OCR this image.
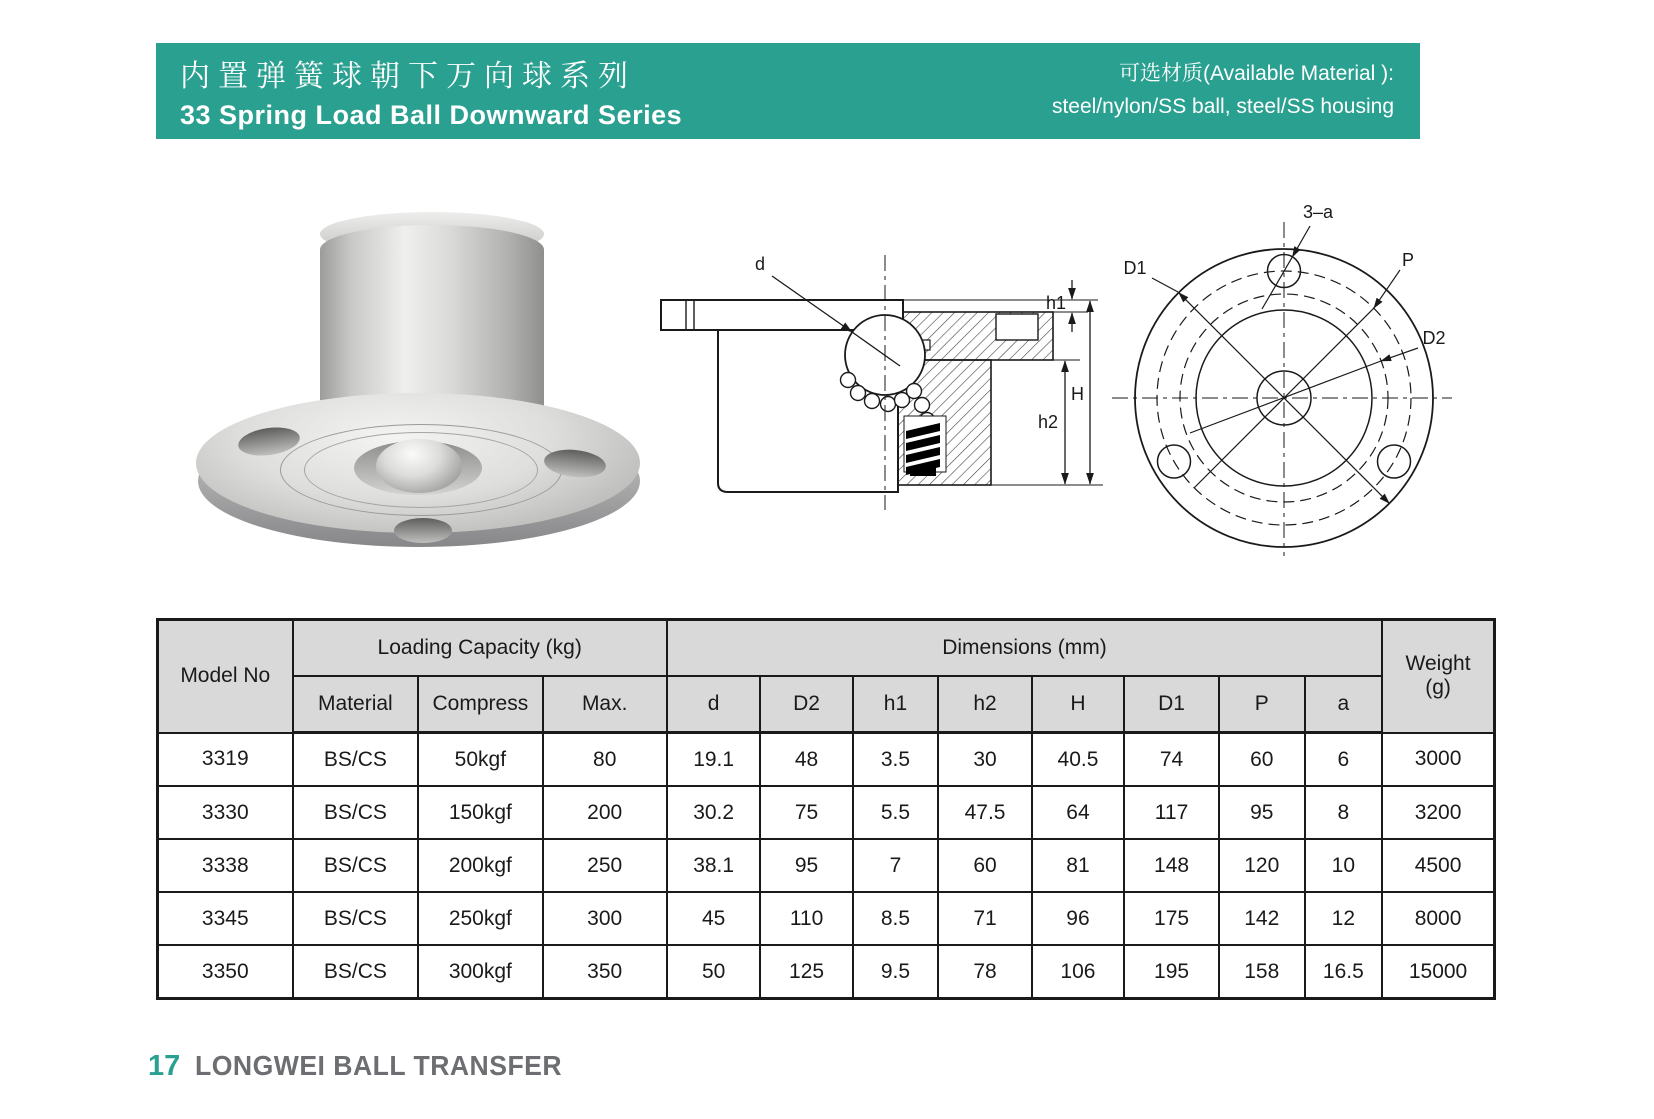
内置弹簧球朝下万向球系列
33 Spring Load Ball Downward Series
可选材质(Available Material ):
steel/nylon/SS ball, steel/SS housing
d
h1
H
h2
3–a
D1	P
D2
Model No	Loading Capacity (kg)			Dimensions (mm)								Weight
(g)
	Material	Compress	Max.	d	D2	h1	h2	H	D1	P	a	
3319	BS/CS	50kgf	80	19.1	48	3.5	30	40.5	74	60	6	3000
3330	BS/CS	150kgf	200	30.2	75	5.5	47.5	64	117	95	8	3200
3338	BS/CS	200kgf	250	38.1	95	7	60	81	148	120	10	4500
3345	BS/CS	250kgf	300	45	110	8.5	71	96	175	142	12	8000
3350	BS/CS	300kgf	350	50	125	9.5	78	106	195	158	16.5	15000
17 LONGWEI BALL TRANSFER
